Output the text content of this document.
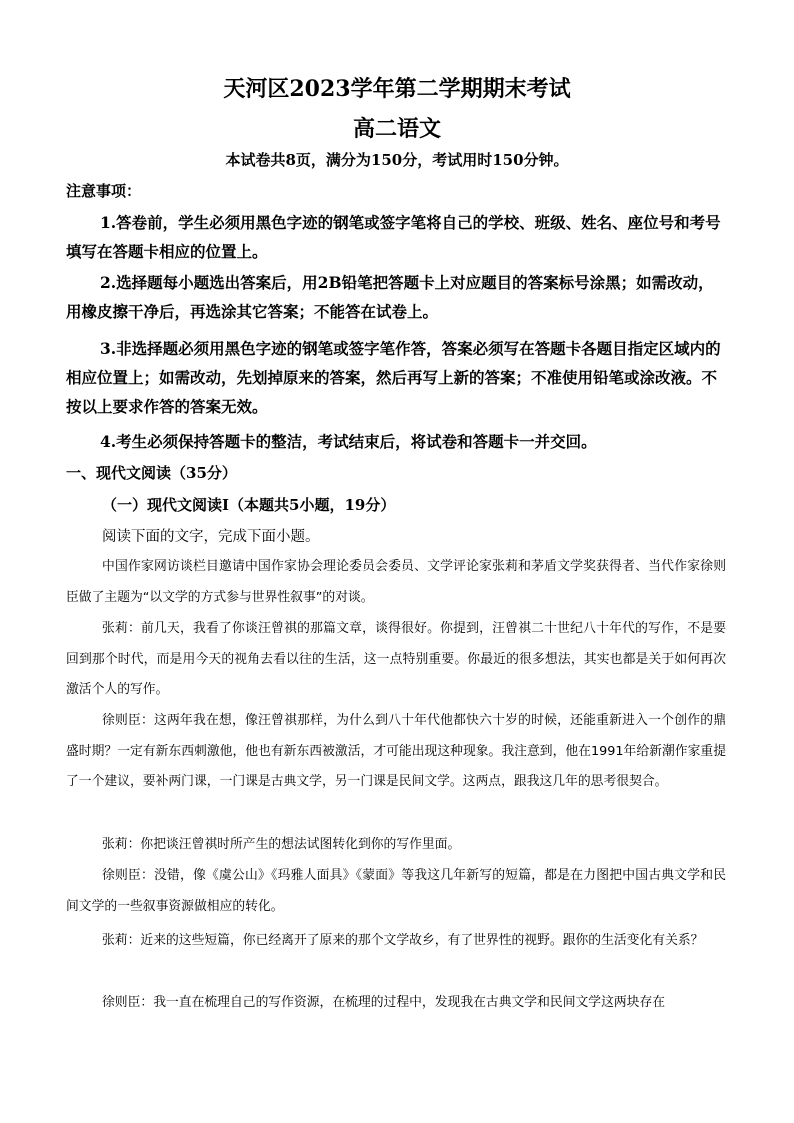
天河区2023学年第二学期期末考试
高二语文

本试卷共8页，满分为150分，考试用时150分钟。

注意事项：

1.答卷前，学生必须用黑色字迹的钢笔或签字笔将自己的学校、班级、姓名、座位号和考号填写在答题卡相应的位置上。

2.选择题每小题选出答案后，用2B铅笔把答题卡上对应题目的答案标号涂黑；如需改动，用橡皮擦干净后，再选涂其它答案；不能答在试卷上。

3.非选择题必须用黑色字迹的钢笔或签字笔作答，答案必须写在答题卡各题目指定区域内的相应位置上；如需改动，先划掉原来的答案，然后再写上新的答案；不准使用铅笔或涂改液。不按以上要求作答的答案无效。

4.考生必须保持答题卡的整洁，考试结束后，将试卷和答题卡一并交回。

一、现代文阅读（35分）

（一）现代文阅读Ⅰ（本题共5小题，19分）

阅读下面的文字，完成下面小题。

中国作家网访谈栏目邀请中国作家协会理论委员会委员、文学评论家张莉和茅盾文学奖获得者、当代作家徐则臣做了主题为“以文学的方式参与世界性叙事”的对谈。

张莉：前几天，我看了你谈汪曾祺的那篇文章，谈得很好。你提到，汪曾祺二十世纪八十年代的写作，不是要回到那个时代，而是用今天的视角去看以往的生活，这一点特别重要。你最近的很多想法，其实也都是关于如何再次激活个人的写作。

徐则臣：这两年我在想，像汪曾祺那样，为什么到八十年代他都快六十岁的时候，还能重新进入一个创作的鼎盛时期？一定有新东西刺激他，他也有新东西被激活，才可能出现这种现象。我注意到，他在1991年给新潮作家重提了一个建议，要补两门课，一门课是古典文学，另一门课是民间文学。这两点，跟我这几年的思考很契合。

张莉：你把谈汪曾祺时所产生的想法试图转化到你的写作里面。

徐则臣：没错，像《虞公山》《玛雅人面具》《蒙面》等我这几年新写的短篇，都是在力图把中国古典文学和民间文学的一些叙事资源做相应的转化。

张莉：近来的这些短篇，你已经离开了原来的那个文学故乡，有了世界性的视野。跟你的生活变化有关系？

徐则臣：我一直在梳理自己的写作资源，在梳理的过程中，发现我在古典文学和民间文学这两块存在
